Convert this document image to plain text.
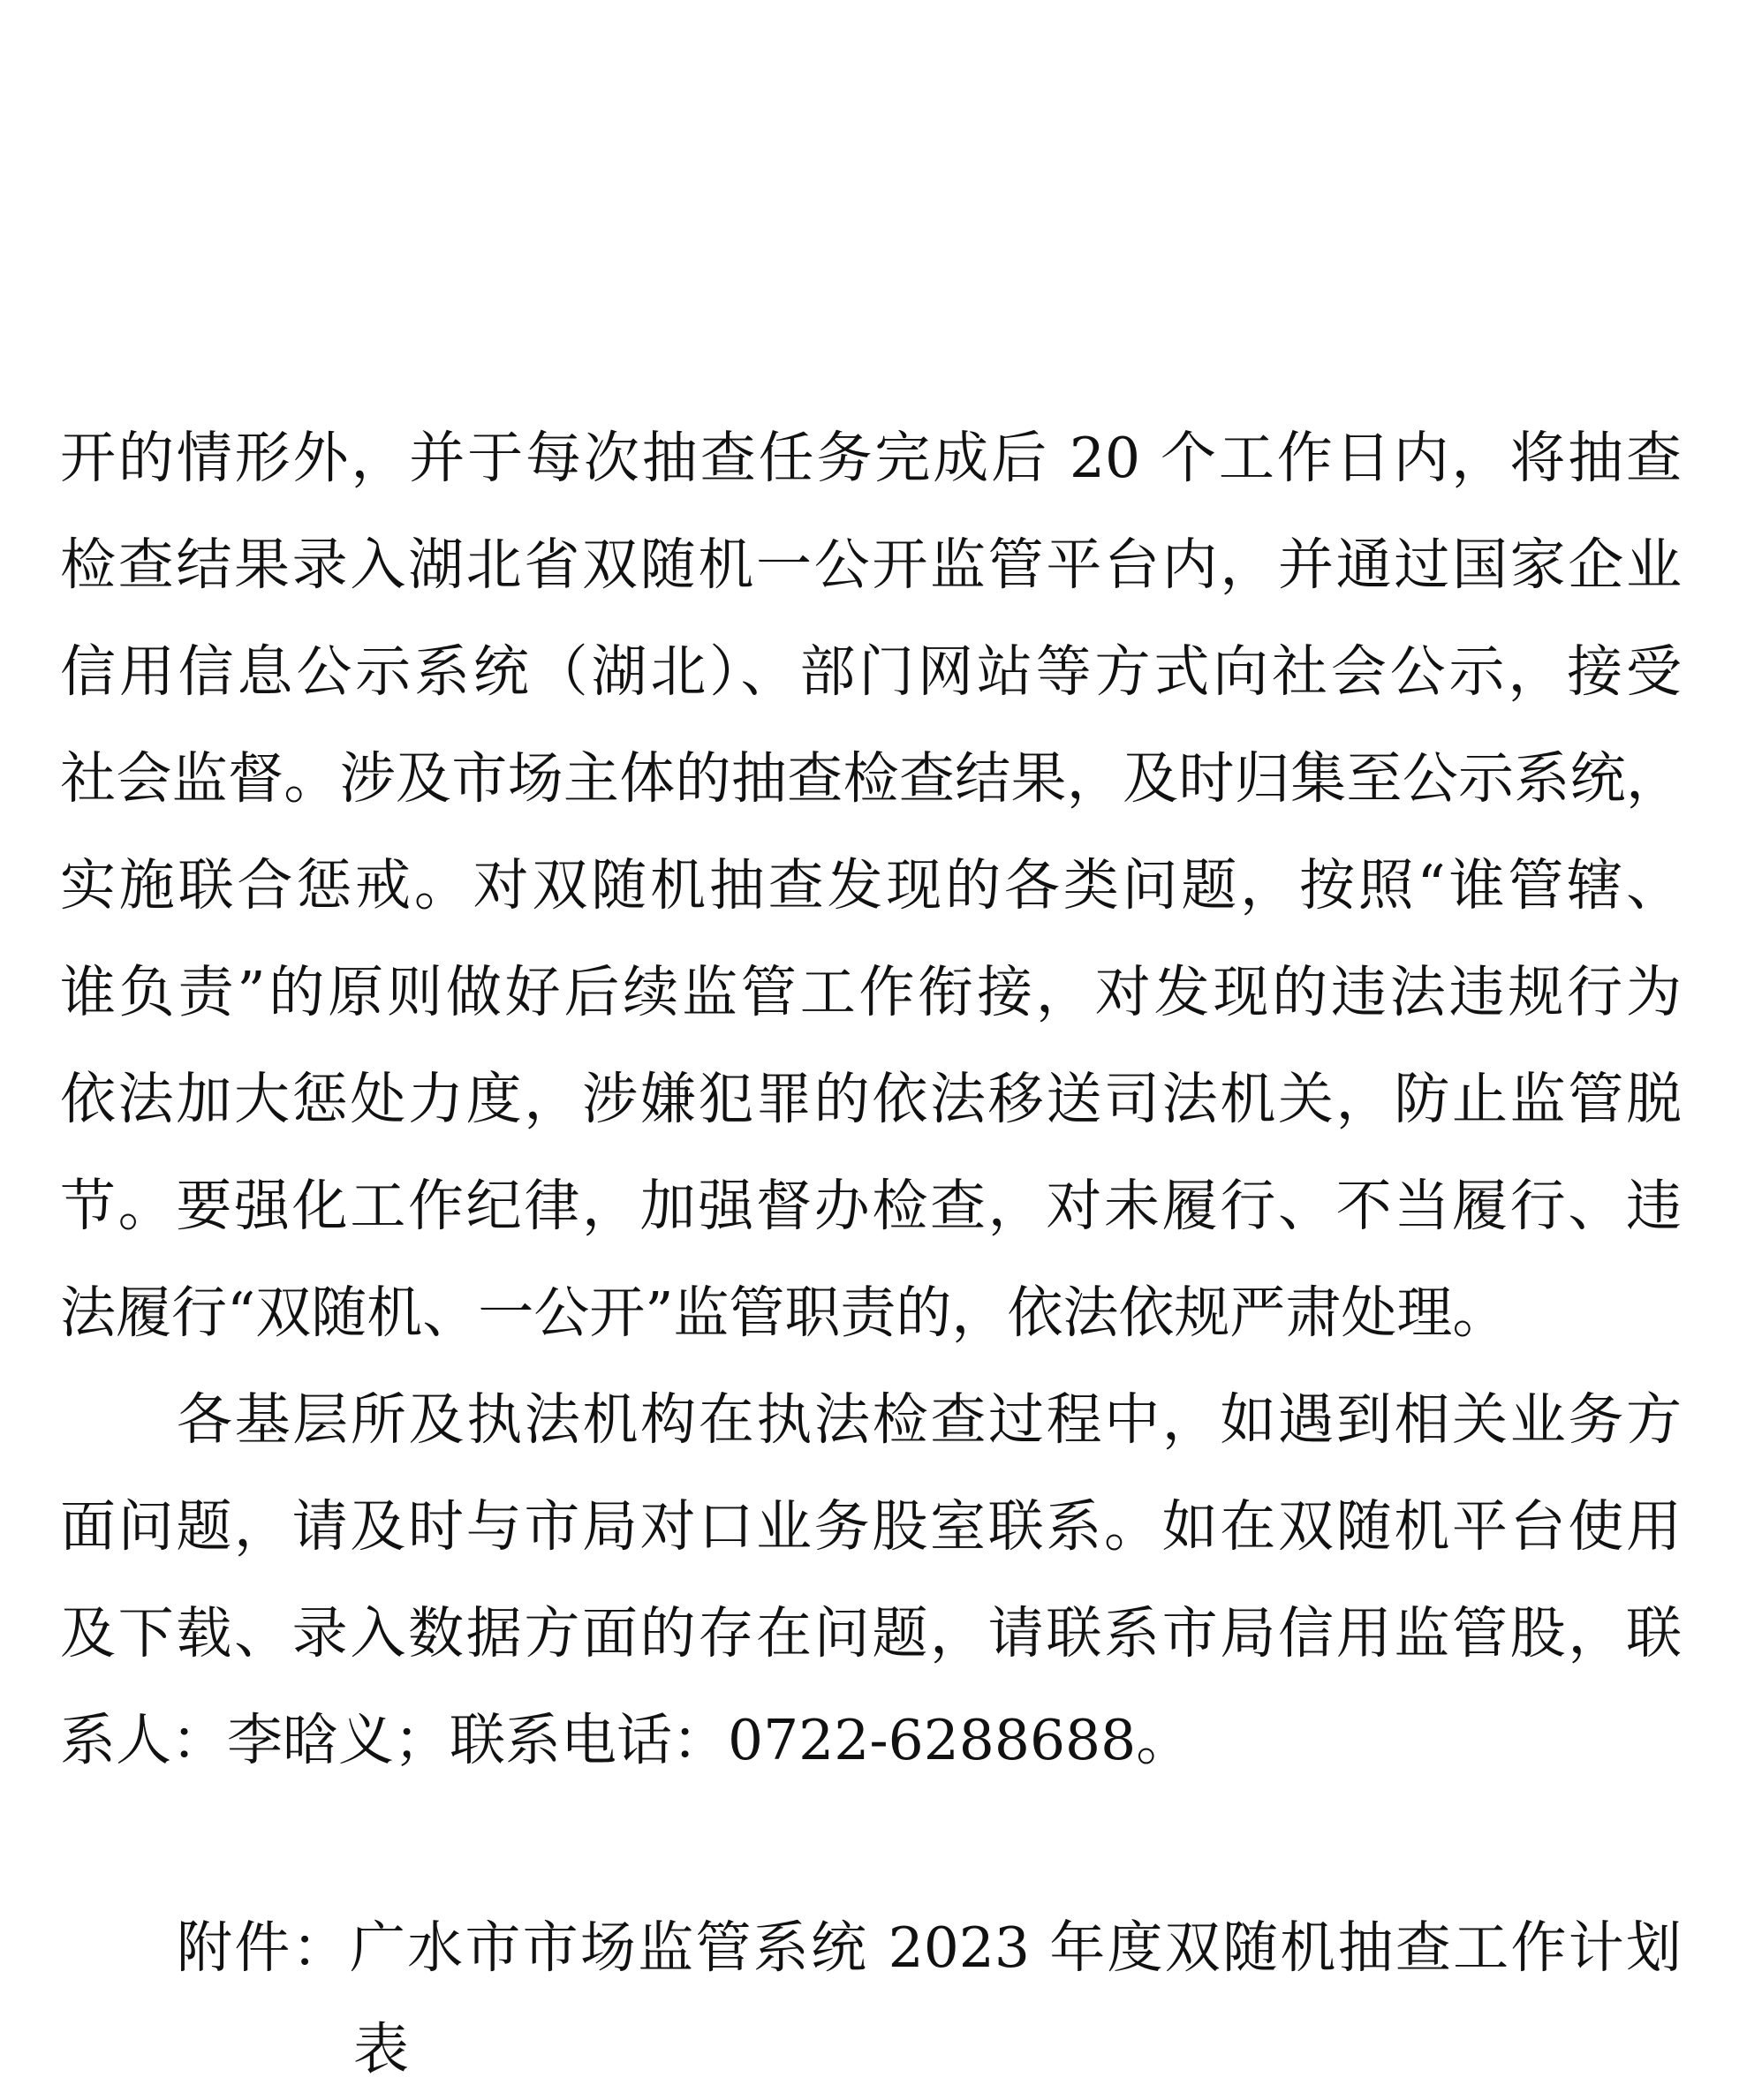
开的情形外，并于每次抽查任务完成后 20 个工作日内，将抽查
检查结果录入湖北省双随机一公开监管平台内，并通过国家企业
信用信息公示系统（湖北）、部门网站等方式向社会公示，接受
社会监督。涉及市场主体的抽查检查结果，及时归集至公示系统，
实施联合惩戒。对双随机抽查发现的各类问题，按照“谁管辖、
谁负责”的原则做好后续监管工作衔接，对发现的违法违规行为
依法加大惩处力度，涉嫌犯罪的依法移送司法机关，防止监管脱
节。要强化工作纪律，加强督办检查，对未履行、不当履行、违
法履行“双随机、一公开”监管职责的，依法依规严肃处理。
各基层所及执法机构在执法检查过程中，如遇到相关业务方
面问题，请及时与市局对口业务股室联系。如在双随机平台使用
及下载、录入数据方面的存在问题，请联系市局信用监管股，联
系人：李晗义；联系电话：0722-6288688。
附件：广水市市场监管系统 2023 年度双随机抽查工作计划
表
